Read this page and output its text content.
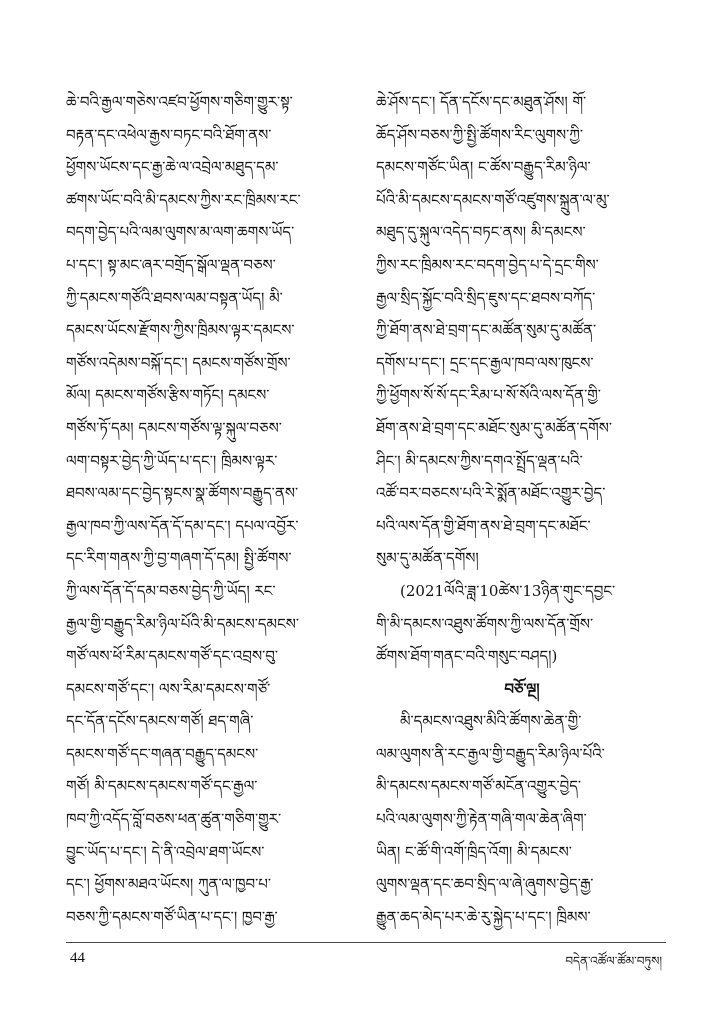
ཆེ་བའི་རྒྱལ་གཅེས་འཛབ་ཕྱོགས་གཅིག་གྱུར་སྟ་
བརྟན་དང་འཕེལ་རྒྱས་བཏང་བའི་ཐོག་ནས་
ཕྱོགས་ཡོངས་དང་རྒྱ་ཆེ་ལ་འབྲེལ་མཐུད་དམ་
ཚགས་ཡོང་བའི་མི་དམངས་ཀྱིས་རང་ཁྲིམས་རང་
བདག་བྱེད་པའི་ལམ་ལུགས་མ་ལག་ཆགས་ཡོད་
པ་དང་། སྟ་མང་ཞར་བགྲོད་སྒོལ་ལྡན་བཅས་
ཀྱི་དམངས་གཙོའི་ཐབས་ལམ་བསྟན་ཡོད། མི་
དམངས་ཡོངས་རྫོགས་ཀྱིས་ཁྲིམས་ལྟར་དམངས་
གཙོས་འདེམས་བསྐོ་དང་། དམངས་གཙོས་གྲོས་
མོལ། དམངས་གཙོས་རྩིས་གཏོང། དམངས་
གཙོས་ཏོ་དམ། དམངས་གཙོས་ལྟ་སྐུལ་བཅས་
ལག་བསྟར་བྱེད་ཀྱི་ཡོད་པ་དང་། ཁྲིམས་ལྟར་
ཐབས་ལམ་དང་བྱེད་སྟངས་སྣ་ཚོགས་བརྒྱུད་ནས་
རྒྱལ་ཁབ་ཀྱི་ལས་དོན་དོ་དམ་དང་། དཔལ་འབྱོར་
དང་རིག་གནས་ཀྱི་བྱ་གཞག་དོ་དམ། སྤྱི་ཚོགས་
ཀྱི་ལས་དོན་དོ་དམ་བཅས་བྱེད་ཀྱི་ཡོད། རང་
རྒྱལ་གྱི་བརྒྱུད་རིམ་ཉིལ་པོའི་མི་དམངས་དམངས་
གཙོ་ལས་ཕོ་རིམ་དམངས་གཙོ་དང་འབྲས་བུ་
དམངས་གཙོ་དང་། ལས་རིམ་དམངས་གཙོ་
དང་དོན་དངོས་དམངས་གཙོ། ཐད་གཞི་
དམངས་གཙོ་དང་གཞན་བརྒྱུད་དམངས་
གཙོ། མི་དམངས་དམངས་གཙོ་དང་རྒྱལ་
ཁབ་ཀྱི་འདོད་བློ་བཅས་ཕན་ཚུན་གཅིག་གྱུར་
བྱུང་ཡོད་པ་དང་། དེ་ནི་འབྲེལ་ཐག་ཡོངས་
དང་། ཕྱོགས་མཐའ་ཡོངས། ཀུན་ལ་ཁྱབ་པ་
བཅས་ཀྱི་དམངས་གཙོ་ཡིན་པ་དང་། ཁྱབ་རྒྱ་
ཆེ་ཤོས་དང་། དོན་དངོས་དང་མཐུན་ཤོས། གོ་
ཆོད་ཤོས་བཅས་ཀྱི་སྤྱི་ཚོགས་རིང་ལུགས་ཀྱི་
དམངས་གཙོང་ཡིན། ང་ཚོས་བརྒྱུད་རིམ་ཉིལ་
པོའི་མི་དམངས་དམངས་གཙོ་འཛུགས་སྐྲུན་ལ་མུ་
མཐུད་དུ་སྐུལ་འདེད་བཏང་ནས། མི་དམངས་
ཀྱིས་རང་ཁྲིམས་རང་བདག་བྱེད་པ་དེ་དྲང་གིས་
རྒྱལ་སྲིད་སྐྱོང་བའི་སྲིད་ཇུས་དང་ཐབས་བཀོད་
ཀྱི་ཐོག་ནས་ཐེ་བྲག་དང་མཚོན་སུམ་དུ་མཚོན་
དགོས་པ་དང་། དྲང་དང་རྒྱལ་ཁབ་ལས་ཁུངས་
ཀྱི་ཕྱོགས་སོ་སོ་དང་རིམ་པ་སོ་སོའི་ལས་དོན་གྱི་
ཐོག་ནས་ཐེ་བྲག་དང་མཐོང་སུམ་དུ་མཚོན་དགོས་
ཤིང་། མི་དམངས་ཀྱིས་དགའ་སྤྲོད་ལྡན་པའི་
འཚོ་བར་བཅངས་པའི་རེ་སྨོན་མཐོང་འགྱུར་བྱེད་
པའི་ལས་དོན་གྱི་ཐོག་ནས་ཐེ་བྲག་དང་མཐོང་
སུམ་དུ་མཚོན་དགོས།
(2021ལོའི་ཟླ་10ཚེས་13ཉིན་གུང་དབྱང་
གི་མི་དམངས་འཐུས་ཚོགས་ཀྱི་ལས་དོན་གྲོས་
ཚོགས་ཐོག་གནང་བའི་གསུང་བཤད།)
བཅོ་ལྔ།
མི་དམངས་འཐུས་མིའི་ཚོགས་ཆེན་གྱི་
ལམ་ལུགས་ནི་རང་རྒྱལ་གྱི་བརྒྱུད་རིམ་ཉིལ་པོའི་
མི་དམངས་དམངས་གཙོ་མངོན་འགྱུར་བྱེད་
པའི་ལམ་ལུགས་ཀྱི་རྟེན་གཞི་གལ་ཆེན་ཞིག་
ཡིན། ང་ཚོ་གི་འགོ་ཁྲིད་འོག། མི་དམངས་
ལུགས་ལྡན་དང་ཆབ་སྲིད་ལ་ཞེ་ཞུགས་བྱེད་རྒྱ་
རྒྱུན་ཆད་མེད་པར་ཆེ་རུ་སྐྱེད་པ་དང་། ཁྲིམས་
44	བདེན་འཚོལ་ཚོམ་བཏུས།
